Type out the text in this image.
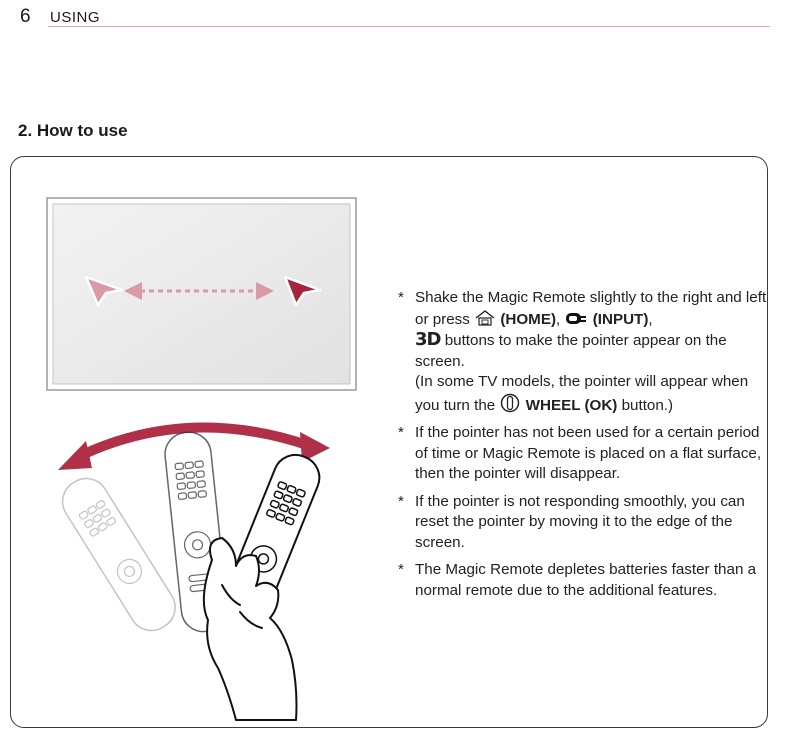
6 USING
2. How to use
* Shake the Magic Remote slightly to the right and left or press  (HOME),  (INPUT),
3D buttons to make the pointer appear on the screen.
(In some TV models, the pointer will appear when you turn the  WHEEL (OK) button.)

* If the pointer has not been used for a certain period of time or Magic Remote is placed on a flat surface, then the pointer will disappear.

* If the pointer is not responding smoothly, you can reset the pointer by moving it to the edge of the screen.

* The Magic Remote depletes batteries faster than a normal remote due to the additional features.
